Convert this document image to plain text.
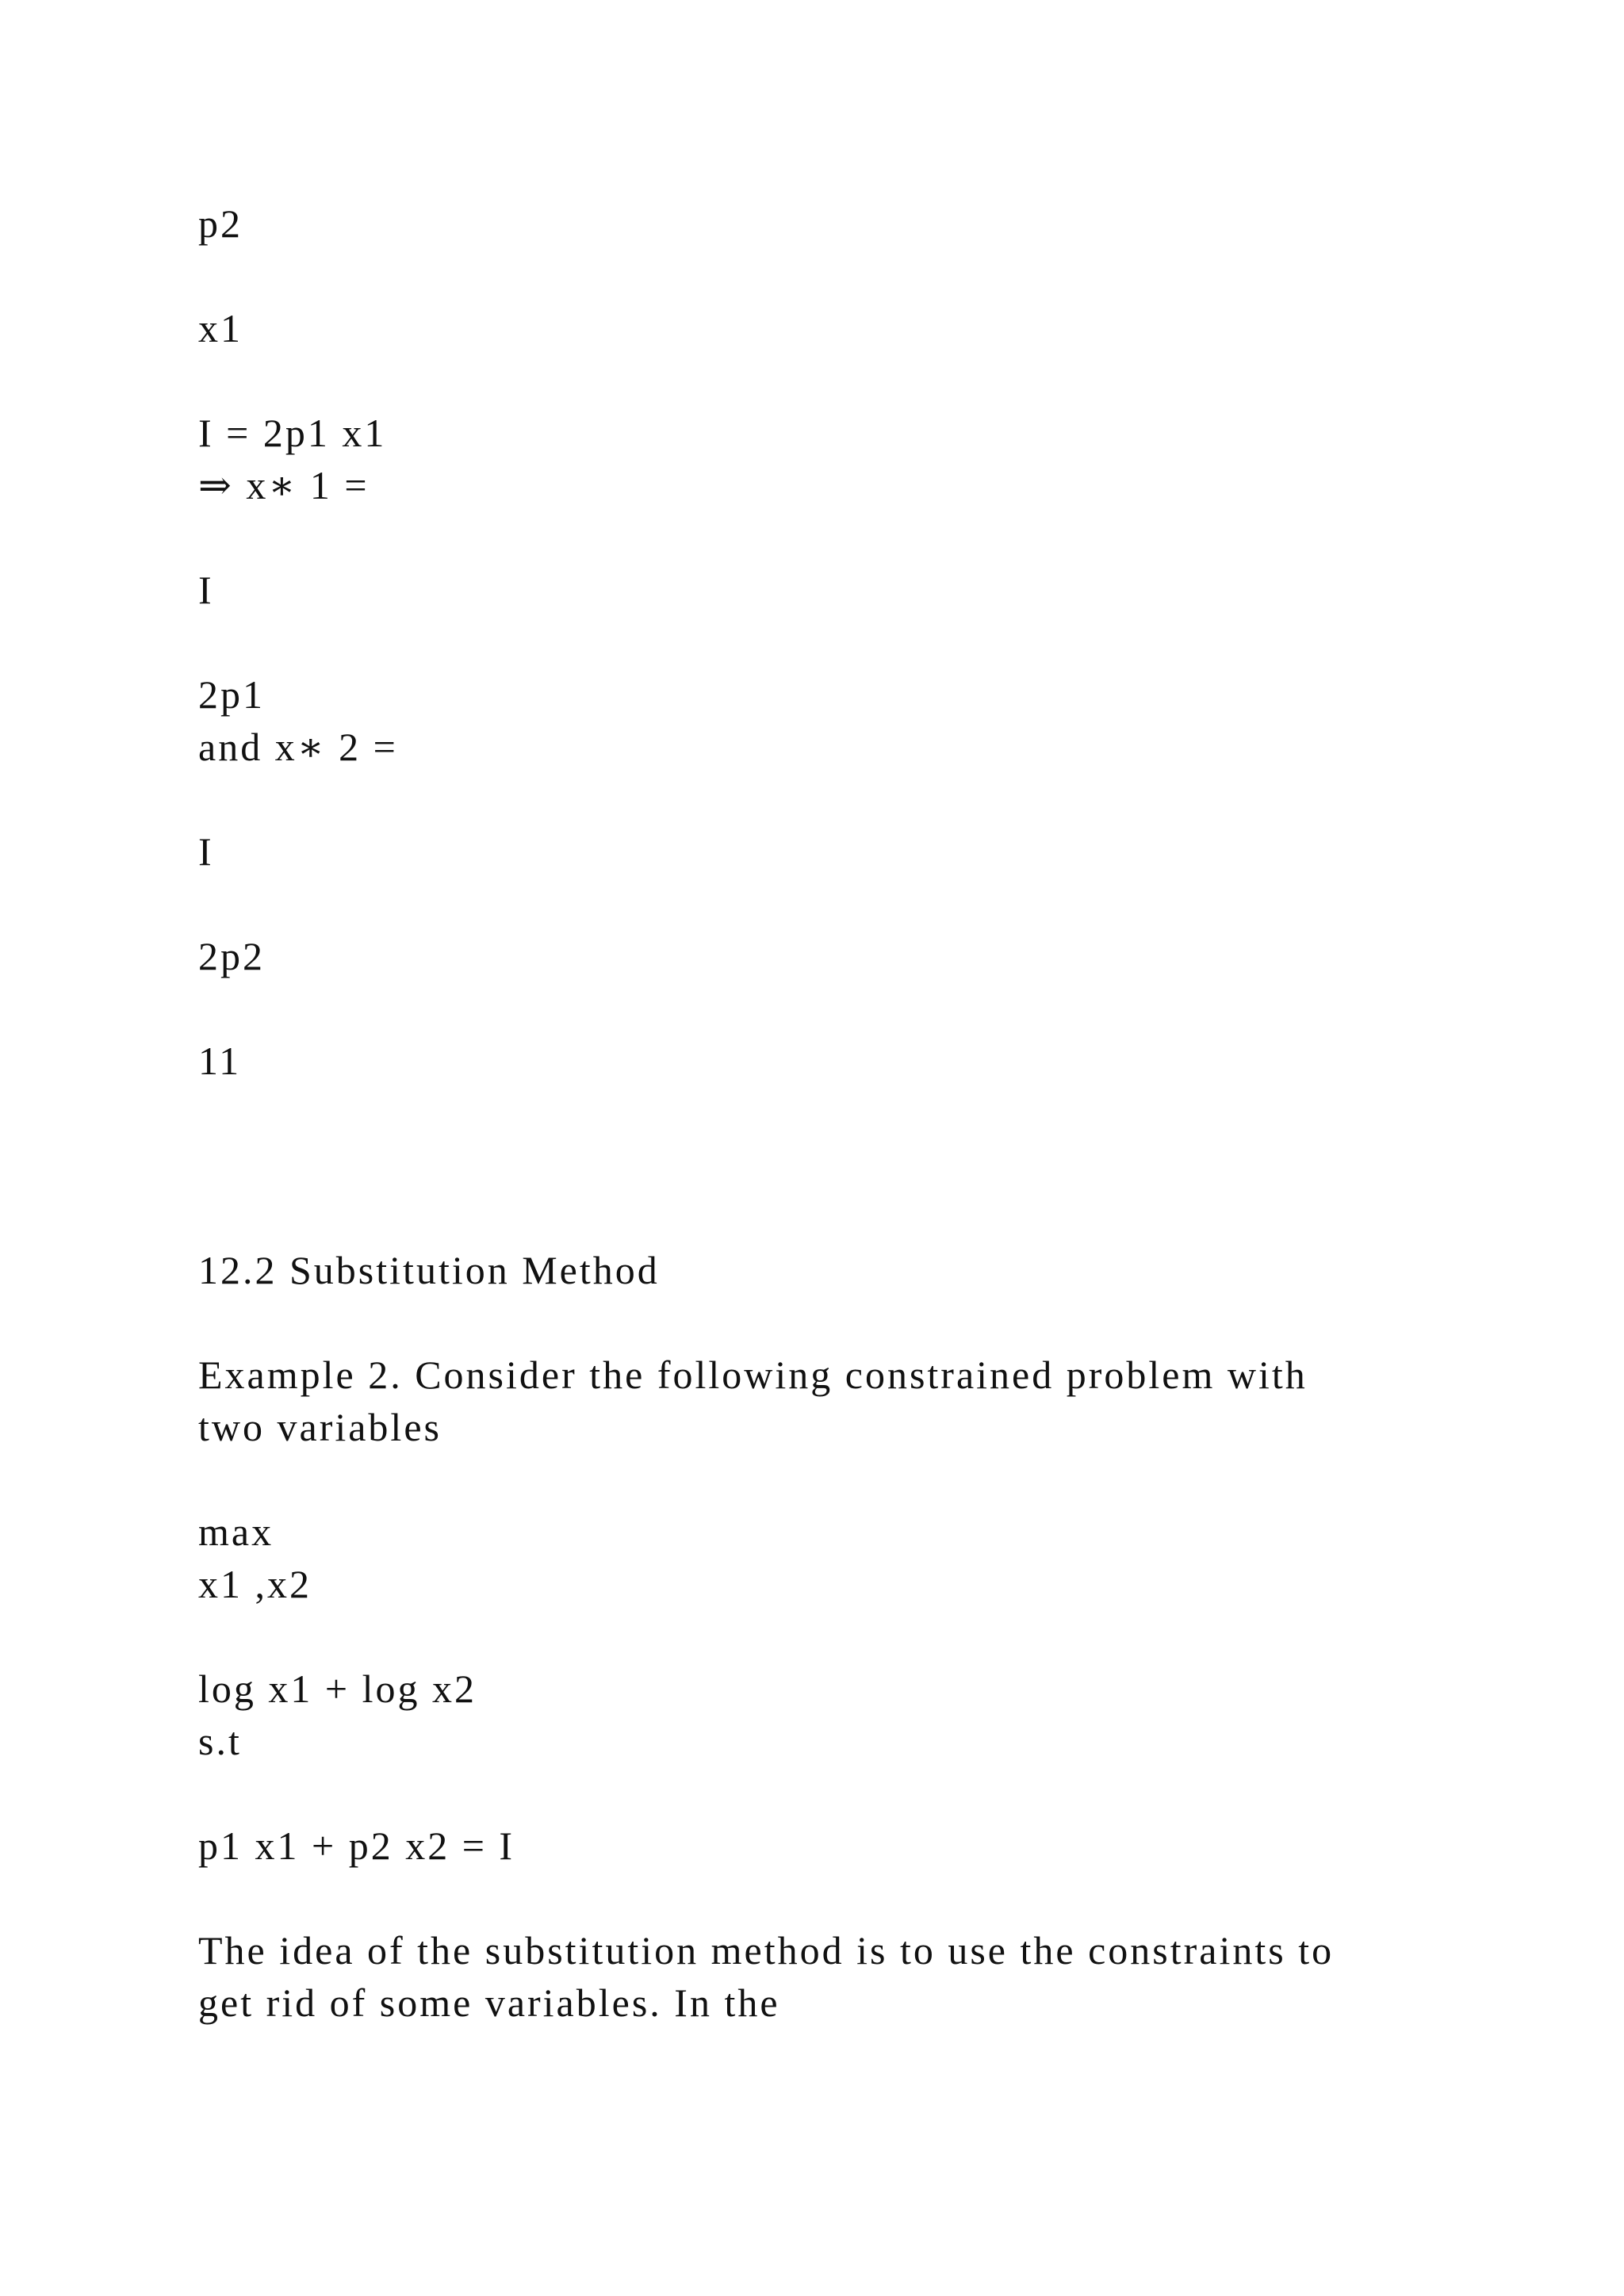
p2
x1
I = 2p1 x1
⇒ x∗ 1 =
I
2p1
and x∗ 2 =
I
2p2
11
12.2 Substitution Method
Example 2. Consider the following constrained problem with
two variables
max
x1 ,x2
log x1 + log x2
s.t
p1 x1 + p2 x2 = I
The idea of the substitution method is to use the constraints to
get rid of some variables. In the
